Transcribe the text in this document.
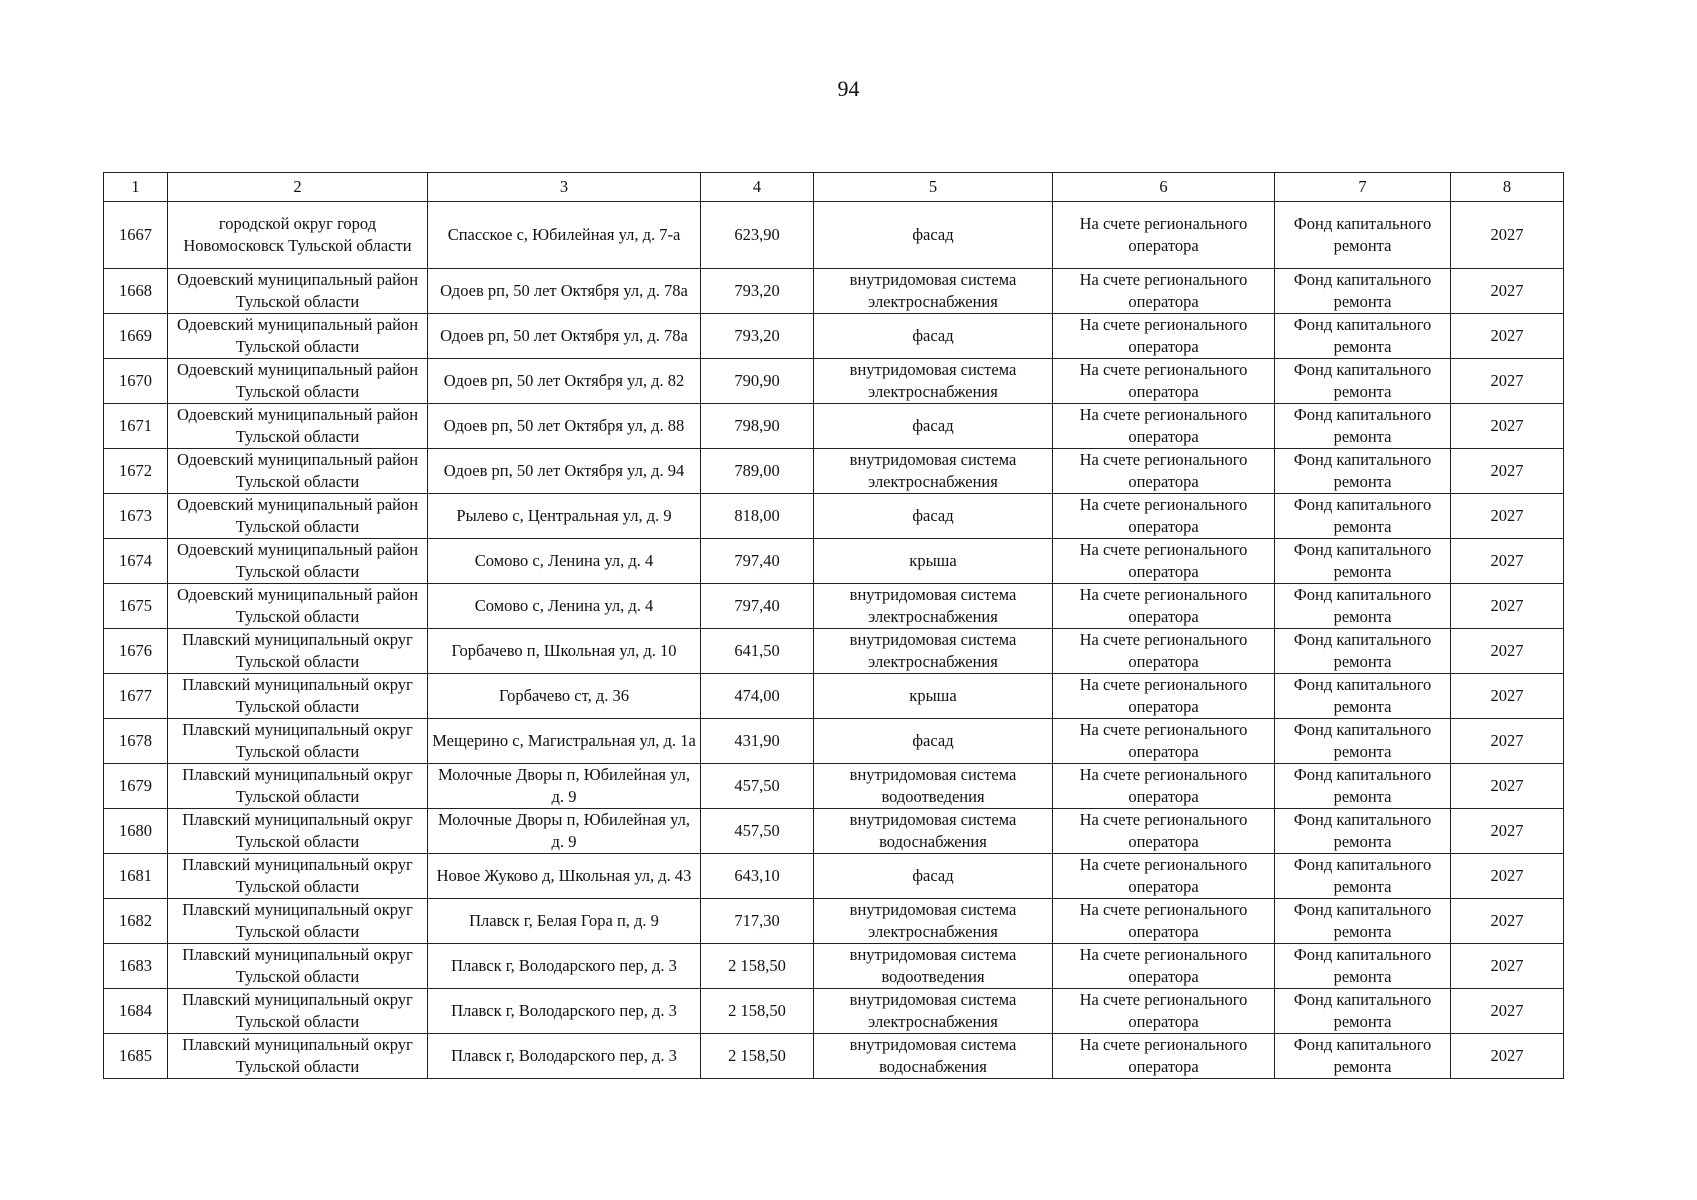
94
1	2	3	4	5	6	7	8
1667	городской округ город Новомосковск Тульской области	Спасское с, Юбилейная ул, д. 7-а	623,90	фасад	На счете регионального оператора	Фонд капитального ремонта	2027
1668	Одоевский муниципальный район Тульской области	Одоев рп, 50 лет Октября ул, д. 78а	793,20	внутридомовая система электроснабжения	На счете регионального оператора	Фонд капитального ремонта	2027
1669	Одоевский муниципальный район Тульской области	Одоев рп, 50 лет Октября ул, д. 78а	793,20	фасад	На счете регионального оператора	Фонд капитального ремонта	2027
1670	Одоевский муниципальный район Тульской области	Одоев рп, 50 лет Октября ул, д. 82	790,90	внутридомовая система электроснабжения	На счете регионального оператора	Фонд капитального ремонта	2027
1671	Одоевский муниципальный район Тульской области	Одоев рп, 50 лет Октября ул, д. 88	798,90	фасад	На счете регионального оператора	Фонд капитального ремонта	2027
1672	Одоевский муниципальный район Тульской области	Одоев рп, 50 лет Октября ул, д. 94	789,00	внутридомовая система электроснабжения	На счете регионального оператора	Фонд капитального ремонта	2027
1673	Одоевский муниципальный район Тульской области	Рылево с, Центральная ул, д. 9	818,00	фасад	На счете регионального оператора	Фонд капитального ремонта	2027
1674	Одоевский муниципальный район Тульской области	Сомово с, Ленина ул, д. 4	797,40	крыша	На счете регионального оператора	Фонд капитального ремонта	2027
1675	Одоевский муниципальный район Тульской области	Сомово с, Ленина ул, д. 4	797,40	внутридомовая система электроснабжения	На счете регионального оператора	Фонд капитального ремонта	2027
1676	Плавский муниципальный округ Тульской области	Горбачево п, Школьная ул, д. 10	641,50	внутридомовая система электроснабжения	На счете регионального оператора	Фонд капитального ремонта	2027
1677	Плавский муниципальный округ Тульской области	Горбачево ст, д. 36	474,00	крыша	На счете регионального оператора	Фонд капитального ремонта	2027
1678	Плавский муниципальный округ Тульской области	Мещерино с, Магистральная ул, д. 1а	431,90	фасад	На счете регионального оператора	Фонд капитального ремонта	2027
1679	Плавский муниципальный округ Тульской области	Молочные Дворы п, Юбилейная ул, д. 9	457,50	внутридомовая система водоотведения	На счете регионального оператора	Фонд капитального ремонта	2027
1680	Плавский муниципальный округ Тульской области	Молочные Дворы п, Юбилейная ул, д. 9	457,50	внутридомовая система водоснабжения	На счете регионального оператора	Фонд капитального ремонта	2027
1681	Плавский муниципальный округ Тульской области	Новое Жуково д, Школьная ул, д. 43	643,10	фасад	На счете регионального оператора	Фонд капитального ремонта	2027
1682	Плавский муниципальный округ Тульской области	Плавск г, Белая Гора п, д. 9	717,30	внутридомовая система электроснабжения	На счете регионального оператора	Фонд капитального ремонта	2027
1683	Плавский муниципальный округ Тульской области	Плавск г, Володарского пер, д. 3	2 158,50	внутридомовая система водоотведения	На счете регионального оператора	Фонд капитального ремонта	2027
1684	Плавский муниципальный округ Тульской области	Плавск г, Володарского пер, д. 3	2 158,50	внутридомовая система электроснабжения	На счете регионального оператора	Фонд капитального ремонта	2027
1685	Плавский муниципальный округ Тульской области	Плавск г, Володарского пер, д. 3	2 158,50	внутридомовая система водоснабжения	На счете регионального оператора	Фонд капитального ремонта	2027
